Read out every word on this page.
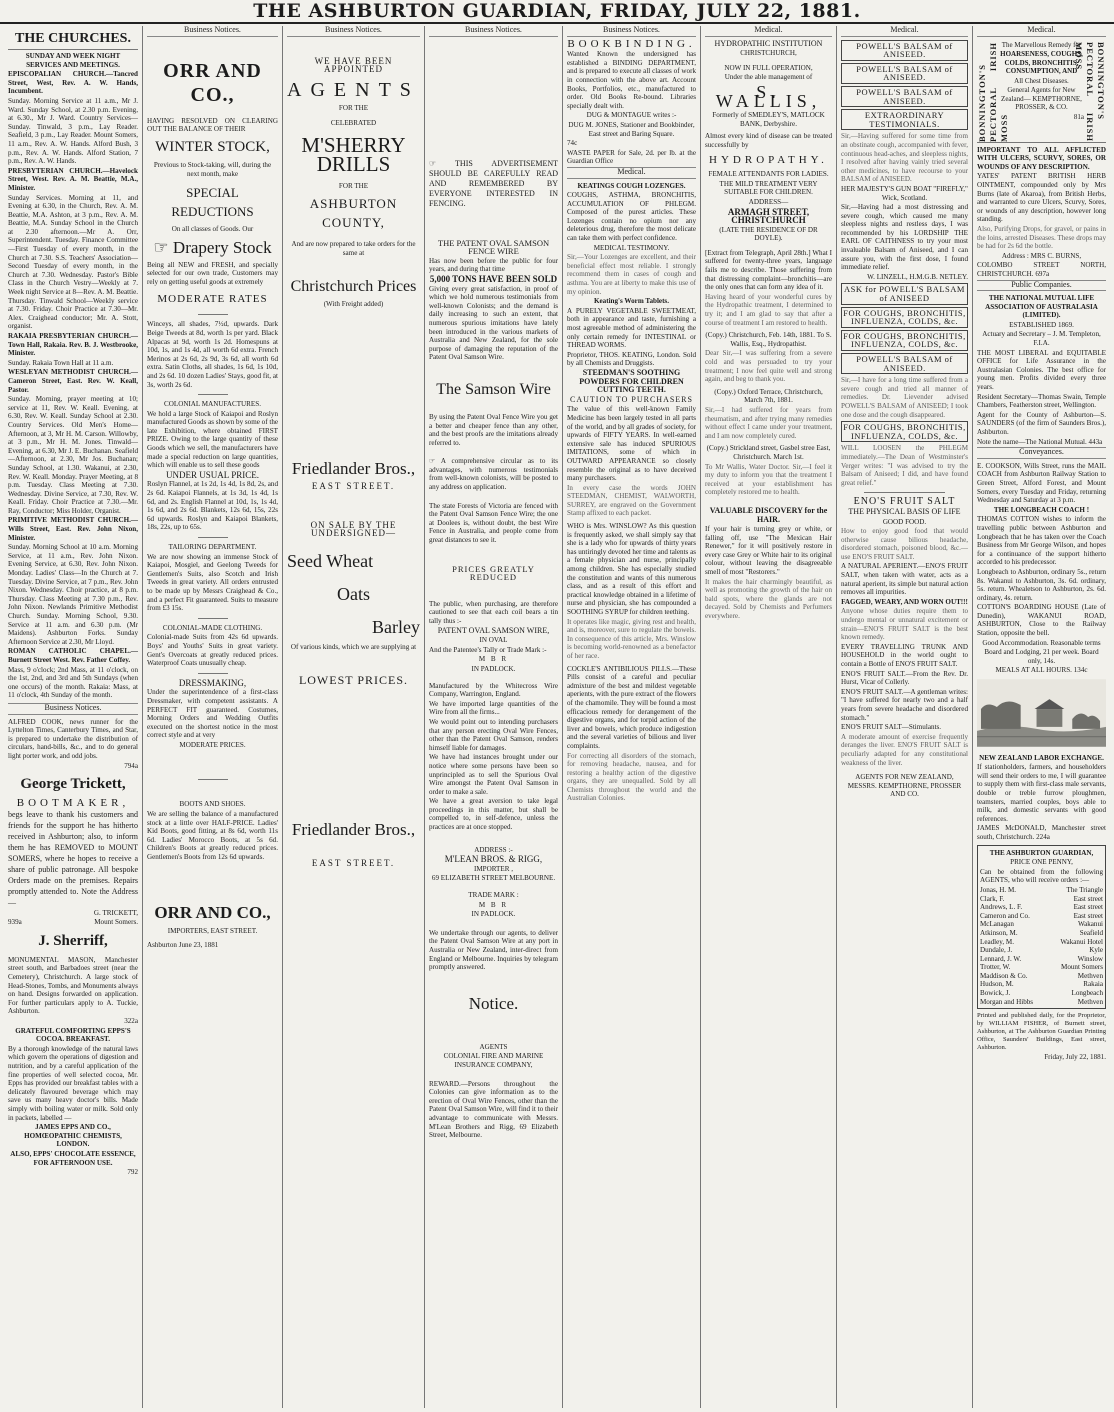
THE ASHBURTON GUARDIAN, FRIDAY, JULY 22, 1881.
THE CHURCHES.

SUNDAY AND WEEK NIGHT SERVICES AND MEETINGS.

EPISCOPALIAN CHURCH.—Tancred Street, West, Rev. A. W. Hands, Incumbent.

Sunday. Morning Service at 11 a.m., Mr J. Ward. Sunday School, at 2.30 p.m. Evening, at 6.30., Mr J. Ward. Country Services—Sunday. Tinwald, 3 p.m., Lay Reader. Seafield, 3 p.m., Lay Reader. Mount Somers, 11 a.m., Rev. A. W. Hands. Alford Bush, 3 p.m., Rev. A. W. Hands. Alford Station, 7 p.m., Rev. A. W. Hands.

PRESBYTERIAN CHURCH.—Havelock Street, West. Rev. A. M. Beattie, M.A., Minister.

Sunday Services. Morning at 11, and Evening at 6.30, in the Church, Rev. A. M. Beattie, M.A. Ashton, at 3 p.m., Rev. A. M. Beattie, M.A. Sunday School in the Church at 2.30 afternoon.—Mr A. Orr, Superintendent. Tuesday. Finance Committee—First Tuesday of every month, in the Church at 7.30. S.S. Teachers' Association—Second Tuesday of every month, in the Church at 7.30. Wednesday. Pastor's Bible Class in the Church Vestry—Weekly at 7. Week night Service at 8—Rev. A. M. Beattie. Thursday. Tinwald School—Weekly service at 7.30. Friday. Choir Practice at 7.30—Mr. Alex. Craighead conductor; Mr. A. Stott, organist.

RAKAIA PRESBYTERIAN CHURCH.—Town Hall, Rakaia. Rev. B. J. Westbrooke, Minister.

Sunday. Rakaia Town Hall at 11 a.m.

WESLEYAN METHODIST CHURCH.—Cameron Street, East. Rev. W. Keall, Pastor.

Sunday. Morning, prayer meeting at 10; service at 11, Rev. W. Keall. Evening, at 6.30, Rev. W. Keall. Sunday School at 2.30. Country Services. Old Men's Home—Afternoon, at 3, Mr H. M. Carson. Willowby, at 3 p.m., Mr H. M. Jones. Tinwald—Evening, at 6.30, Mr J. E. Buchanan. Seafield—Afternoon, at 2.30, Mr Jos. Buchanan; Sunday School, at 1.30. Wakanui, at 2.30, Rev. W. Keall. Monday. Prayer Meeting, at 8 p.m. Tuesday. Class Meeting at 7.30. Wednesday. Divine Service, at 7.30, Rev. W. Keall. Friday. Choir Practice at 7.30.—Mr. Ray, Conductor; Miss Holder, Organist.

PRIMITIVE METHODIST CHURCH.—Wills Street, East. Rev. John Nixon, Minister.

Sunday. Morning School at 10 a.m. Morning Service, at 11 a.m., Rev. John Nixon. Evening Service, at 6.30, Rev. John Nixon. Monday. Ladies' Class—In the Church at 7. Tuesday. Divine Service, at 7 p.m., Rev. John Nixon. Wednesday. Choir practice, at 8 p.m. Thursday. Class Meeting at 7.30 p.m., Rev. John Nixon. Newlands Primitive Methodist Church. Sunday. Morning School, 9.30. Service at 11 a.m. and 6.30 p.m. (Mr Maidens). Ashburton Forks. Sunday Afternoon Service at 2.30, Mr Lloyd.

ROMAN CATHOLIC CHAPEL.—Burnett Street West. Rev. Father Coffey.

Mass, 9 o'clock; 2nd Mass, at 11 o'clock, on the 1st, 2nd, and 3rd and 5th Sundays (when one occurs) of the month. Rakaia: Mass, at 11 o'clock, 4th Sunday of the month.

Business Notices.

ALFRED COOK, news runner for the Lyttelton Times, Canterbury Times, and Star, is prepared to undertake the distribution of circulars, hand-bills, &c., and to do general light porter work, and odd jobs.

794a

George Trickett,
BOOTMAKER,

begs leave to thank his customers and friends for the support he has hitherto received in Ashburton; also, to inform them he has REMOVED to MOUNT SOMERS, where he hopes to receive a share of public patronage. All bespoke Orders made on the premises. Repairs promptly attended to. Note the Address—

G. TRICKETT,

939a	Mount Somers.

J. Sherriff,

MONUMENTAL MASON, Manchester street south, and Barbadoes street (near the Cemetery), Christchurch. A large stock of Head-Stones, Tombs, and Monuments always on hand. Designs forwarded on application. For further particulars apply to A. Tuckie, Ashburton.

322a

GRATEFUL COMFORTING EPPS'S COCOA. BREAKFAST.

By a thorough knowledge of the natural laws which govern the operations of digestion and nutrition, and by a careful application of the fine properties of well selected cocoa, Mr. Epps has provided our breakfast tables with a delicately flavoured beverage which may save us many heavy doctor's bills. Made simply with boiling water or milk. Sold only in packets, labelled —

JAMES EPPS AND CO., HOMŒOPATHIC CHEMISTS, LONDON.

ALSO, EPPS' CHOCOLATE ESSENCE, FOR AFTERNOON USE.

792

Business Notices.
ORR AND CO.,

HAVING RESOLVED ON CLEARING OUT THE BALANCE OF THEIR

WINTER STOCK,

Previous to Stock-taking, will, during the

next month, make

SPECIAL REDUCTIONS

On all classes of Goods. Our

☞ Drapery Stock

Being all NEW and FRESH, and specially selected for our own trade, Customers may rely on getting useful goods at extremely

MODERATE RATES

Winceys, all shades, 7½d, upwards. Dark Beige Tweeds at 8d, worth 1s per yard. Black Alpacas at 9d, worth 1s 2d. Homespuns at 10d, 1s, and 1s 4d, all worth 6d extra. French Merinos at 2s 6d, 2s 9d, 3s 6d, all worth 6d extra. Satin Cloths, all shades, 1s 6d, 1s 10d, and 2s 6d. 10 dozen Ladies' Stays, good fit, at 3s, worth 2s 6d.

COLONIAL MANUFACTURES.

We hold a large Stock of Kaiapoi and Roslyn manufactured Goods as shown by some of the late Exhibition, where obtained FIRST PRIZE. Owing to the large quantity of these Goods which we sell, the manufacturers have made a special reduction on large quantities, which will enable us to sell these goods

UNDER USUAL PRICE.

Roslyn Flannel, at 1s 2d, 1s 4d, 1s 8d, 2s, and 2s 6d. Kaiapoi Flannels, at 1s 3d, 1s 4d, 1s 6d, and 2s. English Flannel at 10d, 1s, 1s 4d, 1s 6d, and 2s 6d. Blankets, 12s 6d, 15s, 22s 6d upwards. Roslyn and Kaiapoi Blankets, 18s, 22s, up to 65s.

TAILORING DEPARTMENT.

We are now showing an immense Stock of Kaiapoi, Mosgiel, and Geelong Tweeds for Gentlemen's Suits, also Scotch and Irish Tweeds in great variety. All orders entrusted to be made up by Messrs Craighead & Co., and a perfect Fit guaranteed. Suits to measure from £3 15s.

COLONIAL-MADE CLOTHING.

Colonial-made Suits from 42s 6d upwards. Boys' and Youths' Suits in great variety. Gent's Overcoats at greatly reduced prices. Waterproof Coats unusually cheap.

DRESSMAKING,

Under the superintendence of a first-class Dressmaker, with competent assistants. A PERFECT FIT guaranteed. Costumes, Morning Orders and Wedding Outfits executed on the shortest notice in the most correct style and at very

MODERATE PRICES.

BOOTS AND SHOES.

We are selling the balance of a manufactured stock at a little over HALF-PRICE. Ladies' Kid Boots, good fitting, at 8s 6d, worth 11s 6d. Ladies' Morocco Boots, at 5s 6d. Children's Boots at greatly reduced prices. Gentlemen's Boots from 12s 6d upwards.

ORR AND CO.,

IMPORTERS, EAST STREET.

Ashburton June 23, 1881

Business Notices.

WE HAVE BEEN APPOINTED

AGENTS

FOR THE

CELEBRATED

M'SHERRY DRILLS

FOR THE

ASHBURTON COUNTY,

And are now prepared to take orders for the same at

Christchurch Prices

(With Freight added)

Friedlander Bros.,

EAST STREET.

ON SALE BY THE UNDERSIGNED—

Seed Wheat
Oats
Barley

Of various kinds, which we are supplying at

LOWEST PRICES.
Friedlander Bros.,

EAST STREET.

Business Notices.

☞ THIS ADVERTISEMENT SHOULD BE CAREFULLY READ AND REMEMBERED BY EVERYONE INTERESTED IN FENCING.

THE PATENT OVAL SAMSON FENCE WIRE

Has now been before the public for four years, and during that time

5,000 TONS HAVE BEEN SOLD

Giving every great satisfaction, in proof of which we hold numerous testimonials from well-known Colonists; and the demand is daily increasing to such an extent, that numerous spurious imitations have lately been introduced in the various markets of Australia and New Zealand, for the sole purpose of damaging the reputation of the Patent Oval Samson Wire.

The Samson Wire

By using the Patent Oval Fence Wire you get a better and cheaper fence than any other, and the best proofs are the imitations already referred to.

☞ A comprehensive circular as to its advantages, with numerous testimonials from well-known colonists, will be posted to any address on application.

The state Forests of Victoria are fenced with the Patent Oval Samson Fence Wire; the one at Doolees is, without doubt, the best Wire Fence in Australia, and people come from great distances to see it.

PRICES GREATLY REDUCED

The public, when purchasing, are therefore cautioned to see that each coil bears a tin tally thus :-

PATENT OVAL SAMSON WIRE,

IN OVAL

And the Patentee's Tally or Trade Mark :-

M B R

IN PADLOCK.

Manufactured by the Whitecross Wire Company, Warrington, England.

We have imported large quantities of the Wire from all the firms...

We would point out to intending purchasers that any person erecting Oval Wire Fences, other than the Patent Oval Samson, renders himself liable for damages.

We have had instances brought under our notice where some persons have been so unprincipled as to sell the Spurious Oval Wire amongst the Patent Oval Samson in order to make a sale.

We have a great aversion to take legal proceedings in this matter, but shall be compelled to, in self-defence, unless the practices are at once stopped.

ADDRESS :-

M'LEAN BROS. & RIGG,

IMPORTER ,

69 ELIZABETH STREET MELBOURNE.

TRADE MARK :

M B R

IN PADLOCK.

We undertake through our agents, to deliver the Patent Oval Samson Wire at any port in Australia or New Zealand, inter-direct from England or Melbourne. Inquiries by telegram promptly answered.

Notice.

AGENTS

COLONIAL FIRE AND MARINE INSURANCE COMPANY,

REWARD.—Persons throughout the Colonies can give information as to the erection of Oval Wire Fences, other than the Patent Oval Samson Wire, will find it to their advantage to communicate with Messrs. M'Lean Brothers and Rigg, 69 Elizabeth Street, Melbourne.

Business Notices.
BOOKBINDING.

Wanted Known the undersigned has established a BINDING DEPARTMENT, and is prepared to execute all classes of work in connection with the above art. Account Books, Portfolios, etc., manufactured to order. Old Books Re-bound. Libraries specially dealt with.

DUG & MONTAGUE writes :-

DUG M. JONES, Stationer and Bookbinder, East street and Baring Square.

74c

WASTE PAPER for Sale, 2d. per lb. at the Guardian Office

Medical.

KEATINGS COUGH LOZENGES.

COUGHS, ASTHMA, BRONCHITIS, ACCUMULATION OF PHLEGM. Composed of the purest articles. These Lozenges contain no opium nor any deleterious drug, therefore the most delicate can take them with perfect confidence.

MEDICAL TESTIMONY.

Sir,—Your Lozenges are excellent, and their beneficial effect most reliable. I strongly recommend them in cases of cough and asthma. You are at liberty to make this use of my opinion.

Keating's Worm Tablets.

A PURELY VEGETABLE SWEETMEAT, both in appearance and taste, furnishing a most agreeable method of administering the only certain remedy for INTESTINAL or THREAD WORMS.

Proprietor, THOS. KEATING, London. Sold by all Chemists and Druggists.

STEEDMAN'S SOOTHING POWDERS FOR CHILDREN CUTTING TEETH.

CAUTION TO PURCHASERS

The value of this well-known Family Medicine has been largely tested in all parts of the world, and by all grades of society, for upwards of FIFTY YEARS. In well-earned extensive sale has induced SPURIOUS IMITATIONS, some of which in OUTWARD APPEARANCE so closely resemble the original as to have deceived many purchasers.

In every case the words JOHN STEEDMAN, CHEMIST, WALWORTH, SURREY, are engraved on the Government Stamp affixed to each packet.

WHO is Mrs. WINSLOW? As this question is frequently asked, we shall simply say that she is a lady who for upwards of thirty years has untiringly devoted her time and talents as a female physician and nurse, principally among children. She has especially studied the constitution and wants of this numerous class, and as a result of this effort and practical knowledge obtained in a lifetime of nurse and physician, she has compounded a SOOTHING SYRUP for children teething.

It operates like magic, giving rest and health, and is, moreover, sure to regulate the bowels. In consequence of this article, Mrs. Winslow is becoming world-renowned as a benefactor of her race.

COCKLE'S ANTIBILIOUS PILLS.—These Pills consist of a careful and peculiar admixture of the best and mildest vegetable aperients, with the pure extract of the flowers of the chamomile. They will be found a most efficacious remedy for derangement of the digestive organs, and for torpid action of the liver and bowels, which produce indigestion and the several varieties of bilious and liver complaints.

For correcting all disorders of the stomach, for removing headache, nausea, and for restoring a healthy action of the digestive organs, they are unequalled. Sold by all Chemists throughout the world and the Australian Colonies.

Medical.

HYDROPATHIC INSTITUTION

CHRISTCHURCH,

NOW IN FULL OPERATION,

Under the able management of

S. WALLIS,

Formerly of SMEDLEY'S, MATLOCK BANK, Derbyshire.

Almost every kind of disease can be treated successfully by

HYDROPATHY.

FEMALE ATTENDANTS FOR LADIES.

THE MILD TREATMENT VERY SUITABLE FOR CHILDREN.

ADDRESS—

ARMAGH STREET, CHRISTCHURCH

(LATE THE RESIDENCE OF DR DOYLE).

[Extract from Telegraph, April 28th.] What I suffered for twenty-three years, language fails me to describe. Those suffering from that distressing complaint—bronchitis—are the only ones that can form any idea of it.

Having heard of your wonderful cures by the Hydropathic treatment, I determined to try it; and I am glad to say that after a course of treatment I am restored to health.

(Copy.) Christchurch, Feb. 14th, 1881. To S. Wallis, Esq., Hydropathist.

Dear Sir,—I was suffering from a severe cold and was persuaded to try your treatment; I now feel quite well and strong again, and beg to thank you.

(Copy.) Oxford Terrace, Christchurch, March 7th, 1881.

Sir,—I had suffered for years from rheumatism, and after trying many remedies without effect I came under your treatment, and I am now completely cured.

(Copy.) Strickland street, Gasbel stree East, Christchurch. March 1st.

To Mr Wallis, Water Doctor. Sir,—I feel it my duty to inform you that the treatment I received at your establishment has completely restored me to health.

VALUABLE DISCOVERY for the HAIR.

If your hair is turning grey or white, or falling off, use "The Mexican Hair Renewer," for it will positively restore in every case Grey or White hair to its original colour, without leaving the disagreeable smell of most "Restorers."

It makes the hair charmingly beautiful, as well as promoting the growth of the hair on bald spots, where the glands are not decayed. Sold by Chemists and Perfumers everywhere.

Medical.
POWELL'S BALSAM of ANISEED.
POWELL'S BALSAM of ANISEED.
POWELL'S BALSAM of ANISEED.
EXTRAORDINARY TESTIMONIALS.

Sir,—Having suffered for some time from an obstinate cough, accompanied with fever, continuous head-aches, and sleepless nights, I resolved after having vainly tried several other medicines, to have recourse to your BALSAM of ANISEED.

HER MAJESTY'S GUN BOAT "FIREFLY," Wick, Scotland.

Sir,—Having had a most distressing and severe cough, which caused me many sleepless nights and restless days, I was recommended by his LORDSHIP THE EARL OF CAITHNESS to try your most invaluable Balsam of Aniseed, and I can assure you, with the first dose, I found immediate relief.

W. LINZELL, H.M.G.B. NETLEY.

ASK for POWELL'S BALSAM of ANISEED
FOR COUGHS, BRONCHITIS, INFLUENZA, COLDS, &c.
FOR COUGHS, BRONCHITIS, INFLUENZA, COLDS, &c.
POWELL'S BALSAM of ANISEED.

Sir,—I have for a long time suffered from a severe cough and tried all manner of remedies. Dr. Lievender advised POWELL'S BALSAM of ANISEED; I took one dose and the cough disappeared.

FOR COUGHS, BRONCHITIS, INFLUENZA, COLDS, &c.

WILL LOOSEN the PHLEGM immediately.—The Dean of Westminster's Verger writes: "I was advised to try the Balsam of Aniseed; I did, and have found great relief."

ENO'S FRUIT SALT

THE PHYSICAL BASIS OF LIFE

GOOD FOOD.

How to enjoy good food that would otherwise cause bilious headache, disordered stomach, poisoned blood, &c.—use ENO'S FRUIT SALT.

A NATURAL APERIENT.—ENO'S FRUIT SALT, when taken with water, acts as a natural aperient, its simple but natural action removes all impurities.

FAGGED, WEARY, AND WORN OUT!!!

Anyone whose duties require them to undergo mental or unnatural excitement or strain—ENO'S FRUIT SALT is the best known remedy.

EVERY TRAVELLING TRUNK AND HOUSEHOLD in the world ought to contain a Bottle of ENO'S FRUIT SALT.

ENO'S FRUIT SALT.—From the Rev. Dr. Hurst, Vicar of Collerly.

ENO'S FRUIT SALT.—A gentleman writes: "I have suffered for nearly two and a half years from severe headache and disordered stomach."

ENO'S FRUIT SALT—Stimulants.

A moderate amount of exercise frequently deranges the liver. ENO'S FRUIT SALT is peculiarly adapted for any constitutional weakness of the liver.

AGENTS FOR NEW ZEALAND, MESSRS. KEMPTHORNE, PROSSER AND CO.

Medical.
BONNINGTON'S PECTORAL IRISH MOSS
BONNINGTON'S PECTORAL IRISH MOSS

The Marvellous Remedy for

HOARSENESS, COUGHS, COLDS, BRONCHITIS, CONSUMPTION, AND

All Chest Diseases.

General Agents for New Zealand— KEMPTHORNE, PROSSER, & CO.

81a

IMPORTANT TO ALL AFFLICTED WITH ULCERS, SCURVY, SORES, OR WOUNDS OF ANY DESCRIPTION.

YATES' PATENT BRITISH HERB OINTMENT, compounded only by Mrs Burns (late of Akaroa), from British Herbs, and warranted to cure Ulcers, Scurvy, Sores, or wounds of any description, however long standing.

Also, Purifying Drops, for gravel, or pains in the loins, arrested Diseases. These drops may be had for 2s 6d the bottle.

Address : MRS C. BURNS,

COLOMBO STREET NORTH, CHRISTCHURCH. 697a

Public Companies.

THE NATIONAL MUTUAL LIFE ASSOCIATION OF AUSTRALASIA (LIMITED).

ESTABLISHED 1869.

Actuary and Secretary – J. M. Templeton, F.I.A.

THE MOST LIBERAL and EQUITABLE OFFICE for Life Assurance in the Australasian Colonies. The best office for young men. Profits divided every three years.

Resident Secretary—Thomas Swain, Temple Chambers, Featherston street, Wellington.

Agent for the County of Ashburton—S. SAUNDERS (of the firm of Saunders Bros.), Ashburton.

Note the name—The National Mutual. 443a

Conveyances.

E. COOKSON, Wills Street, runs the MAIL COACH from Ashburton Railway Station to Green Street, Alford Forest, and Mount Somers, every Tuesday and Friday, returning Wednesday and Saturday at 3 p.m.

THE LONGBEACH COACH !

THOMAS COTTON wishes to inform the travelling public between Ashburton and Longbeach that he has taken over the Coach Business from Mr George Wilson, and hopes for a continuance of the support hitherto accorded to his predecessor.

Longbeach to Ashburton, ordinary 5s., return 8s. Wakanui to Ashburton, 3s. 6d. ordinary, 5s. return. Whealetson to Ashburton, 2s. 6d. ordinary, 4s. return.

COTTON'S BOARDING HOUSE (Late of Dunedin), WAKANUI ROAD, ASHBURTON, Close to the Railway Station, opposite the bell.

Good Accommodation. Reasonable terms

Board and Lodging, 21 per week. Board only, 14s.

MEALS AT ALL HOURS. 134c

NEW ZEALAND LABOR EXCHANGE.

If stationholders, farmers, and householders will send their orders to me, I will guarantee to supply them with first-class male servants, double or treble furrow ploughmen, teamsters, married couples, boys able to milk, and domestic servants with good references.

JAMES McDONALD, Manchester street south, Christchurch. 224a

THE ASHBURTON GUARDIAN,

PRICE ONE PENNY,

Can be obtained from the following AGENTS, who will receive orders :—

Jonas, H. M.	The Triangle
Clark, F.	East street
Andrews, L. F.	East street
Cameron and Co.	East street
McLanagan	Wakanui
Atkinson, M.	Seafield
Leadley, M.	Wakanui Hotel
Dundale, J.	Kyle
Lennard, J. W.	Winslow
Trotter, W.	Mount Somers
Maddison & Co.	Methven
Hudson, M.	Rakaia
Bowick, J.	Longbeach
Morgan and Hibbs	Methven

Printed and published daily, for the Proprietor, by WILLIAM FISHER, of Burnett street, Ashburton, at The Ashburton Guardian Printing Office, Saunders' Buildings, East street, Ashburton.

Friday, July 22, 1881.
